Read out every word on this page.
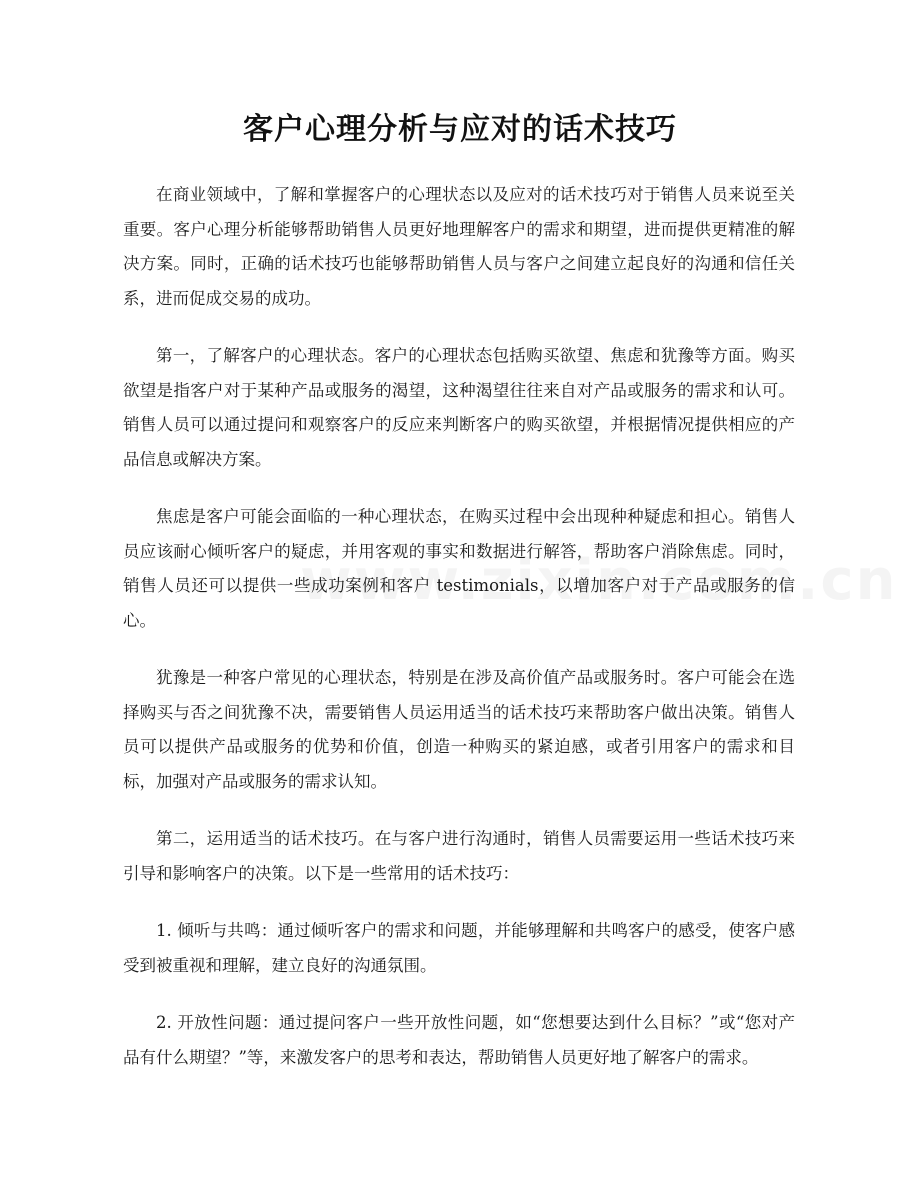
客户心理分析与应对的话术技巧

在商业领域中，了解和掌握客户的心理状态以及应对的话术技巧对于销售人员来说至关重要。客户心理分析能够帮助销售人员更好地理解客户的需求和期望，进而提供更精准的解决方案。同时，正确的话术技巧也能够帮助销售人员与客户之间建立起良好的沟通和信任关系，进而促成交易的成功。

第一，了解客户的心理状态。客户的心理状态包括购买欲望、焦虑和犹豫等方面。购买欲望是指客户对于某种产品或服务的渴望，这种渴望往往来自对产品或服务的需求和认可。销售人员可以通过提问和观察客户的反应来判断客户的购买欲望，并根据情况提供相应的产品信息或解决方案。

焦虑是客户可能会面临的一种心理状态，在购买过程中会出现种种疑虑和担心。销售人员应该耐心倾听客户的疑虑，并用客观的事实和数据进行解答，帮助客户消除焦虑。同时，销售人员还可以提供一些成功案例和客户 testimonials，以增加客户对于产品或服务的信心。

犹豫是一种客户常见的心理状态，特别是在涉及高价值产品或服务时。客户可能会在选择购买与否之间犹豫不决，需要销售人员运用适当的话术技巧来帮助客户做出决策。销售人员可以提供产品或服务的优势和价值，创造一种购买的紧迫感，或者引用客户的需求和目标，加强对产品或服务的需求认知。

第二，运用适当的话术技巧。在与客户进行沟通时，销售人员需要运用一些话术技巧来引导和影响客户的决策。以下是一些常用的话术技巧：

1. 倾听与共鸣：通过倾听客户的需求和问题，并能够理解和共鸣客户的感受，使客户感受到被重视和理解，建立良好的沟通氛围。

2. 开放性问题：通过提问客户一些开放性问题，如“您想要达到什么目标？”或“您对产品有什么期望？”等，来激发客户的思考和表达，帮助销售人员更好地了解客户的需求。
